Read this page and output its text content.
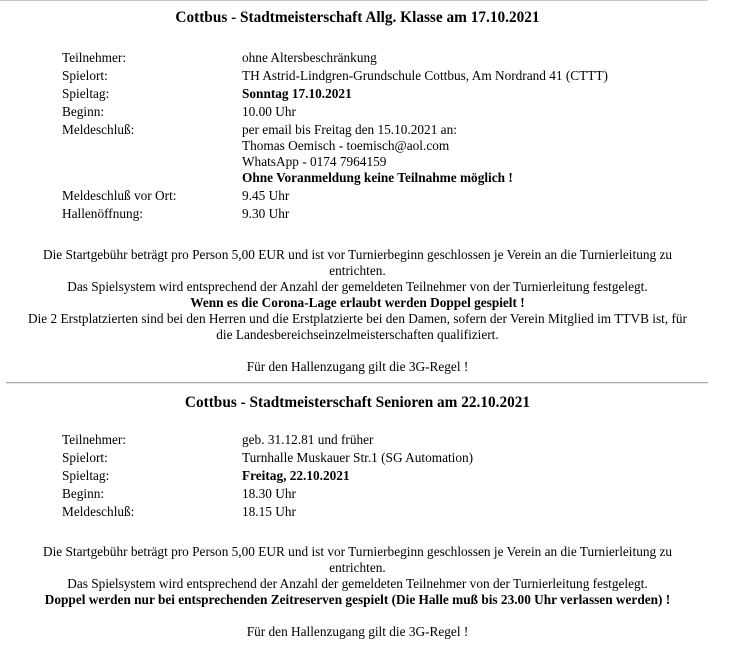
Cottbus - Stadtmeisterschaft Allg. Klasse am 17.10.2021
Teilnehmer:	ohne Altersbeschränkung
Spielort:	TH Astrid-Lindgren-Grundschule Cottbus, Am Nordrand 41 (CTTT)
Spieltag:	Sonntag 17.10.2021
Beginn:	10.00 Uhr
Meldeschluß:	per email bis Freitag den 15.10.2021 an:
Thomas Oemisch - toemisch@aol.com
WhatsApp - 0174 7964159
Ohne Voranmeldung keine Teilnahme möglich !

Meldeschluß vor Ort:	9.45 Uhr
Hallenöffnung:	9.30 Uhr

Die Startgebühr beträgt pro Person 5,00 EUR und ist vor Turnierbeginn geschlossen je Verein an die Turnierleitung zu

entrichten.

Das Spielsystem wird entsprechend der Anzahl der gemeldeten Teilnehmer von der Turnierleitung festgelegt.

Wenn es die Corona-Lage erlaubt werden Doppel gespielt !

Die 2 Erstplatzierten sind bei den Herren und die Erstplatzierte bei den Damen, sofern der Verein Mitglied im TTVB ist, für

die Landesbereichseinzelmeisterschaften qualifiziert.

Für den Hallenzugang gilt die 3G-Regel !

Cottbus - Stadtmeisterschaft Senioren am 22.10.2021
Teilnehmer:	geb. 31.12.81 und früher
Spielort:	Turnhalle Muskauer Str.1 (SG Automation)
Spieltag:	Freitag, 22.10.2021
Beginn:	18.30 Uhr
Meldeschluß:	18.15 Uhr

Die Startgebühr beträgt pro Person 5,00 EUR und ist vor Turnierbeginn geschlossen je Verein an die Turnierleitung zu

entrichten.

Das Spielsystem wird entsprechend der Anzahl der gemeldeten Teilnehmer von der Turnierleitung festgelegt.

Doppel werden nur bei entsprechenden Zeitreserven gespielt (Die Halle muß bis 23.00 Uhr verlassen werden) !

Für den Hallenzugang gilt die 3G-Regel !
